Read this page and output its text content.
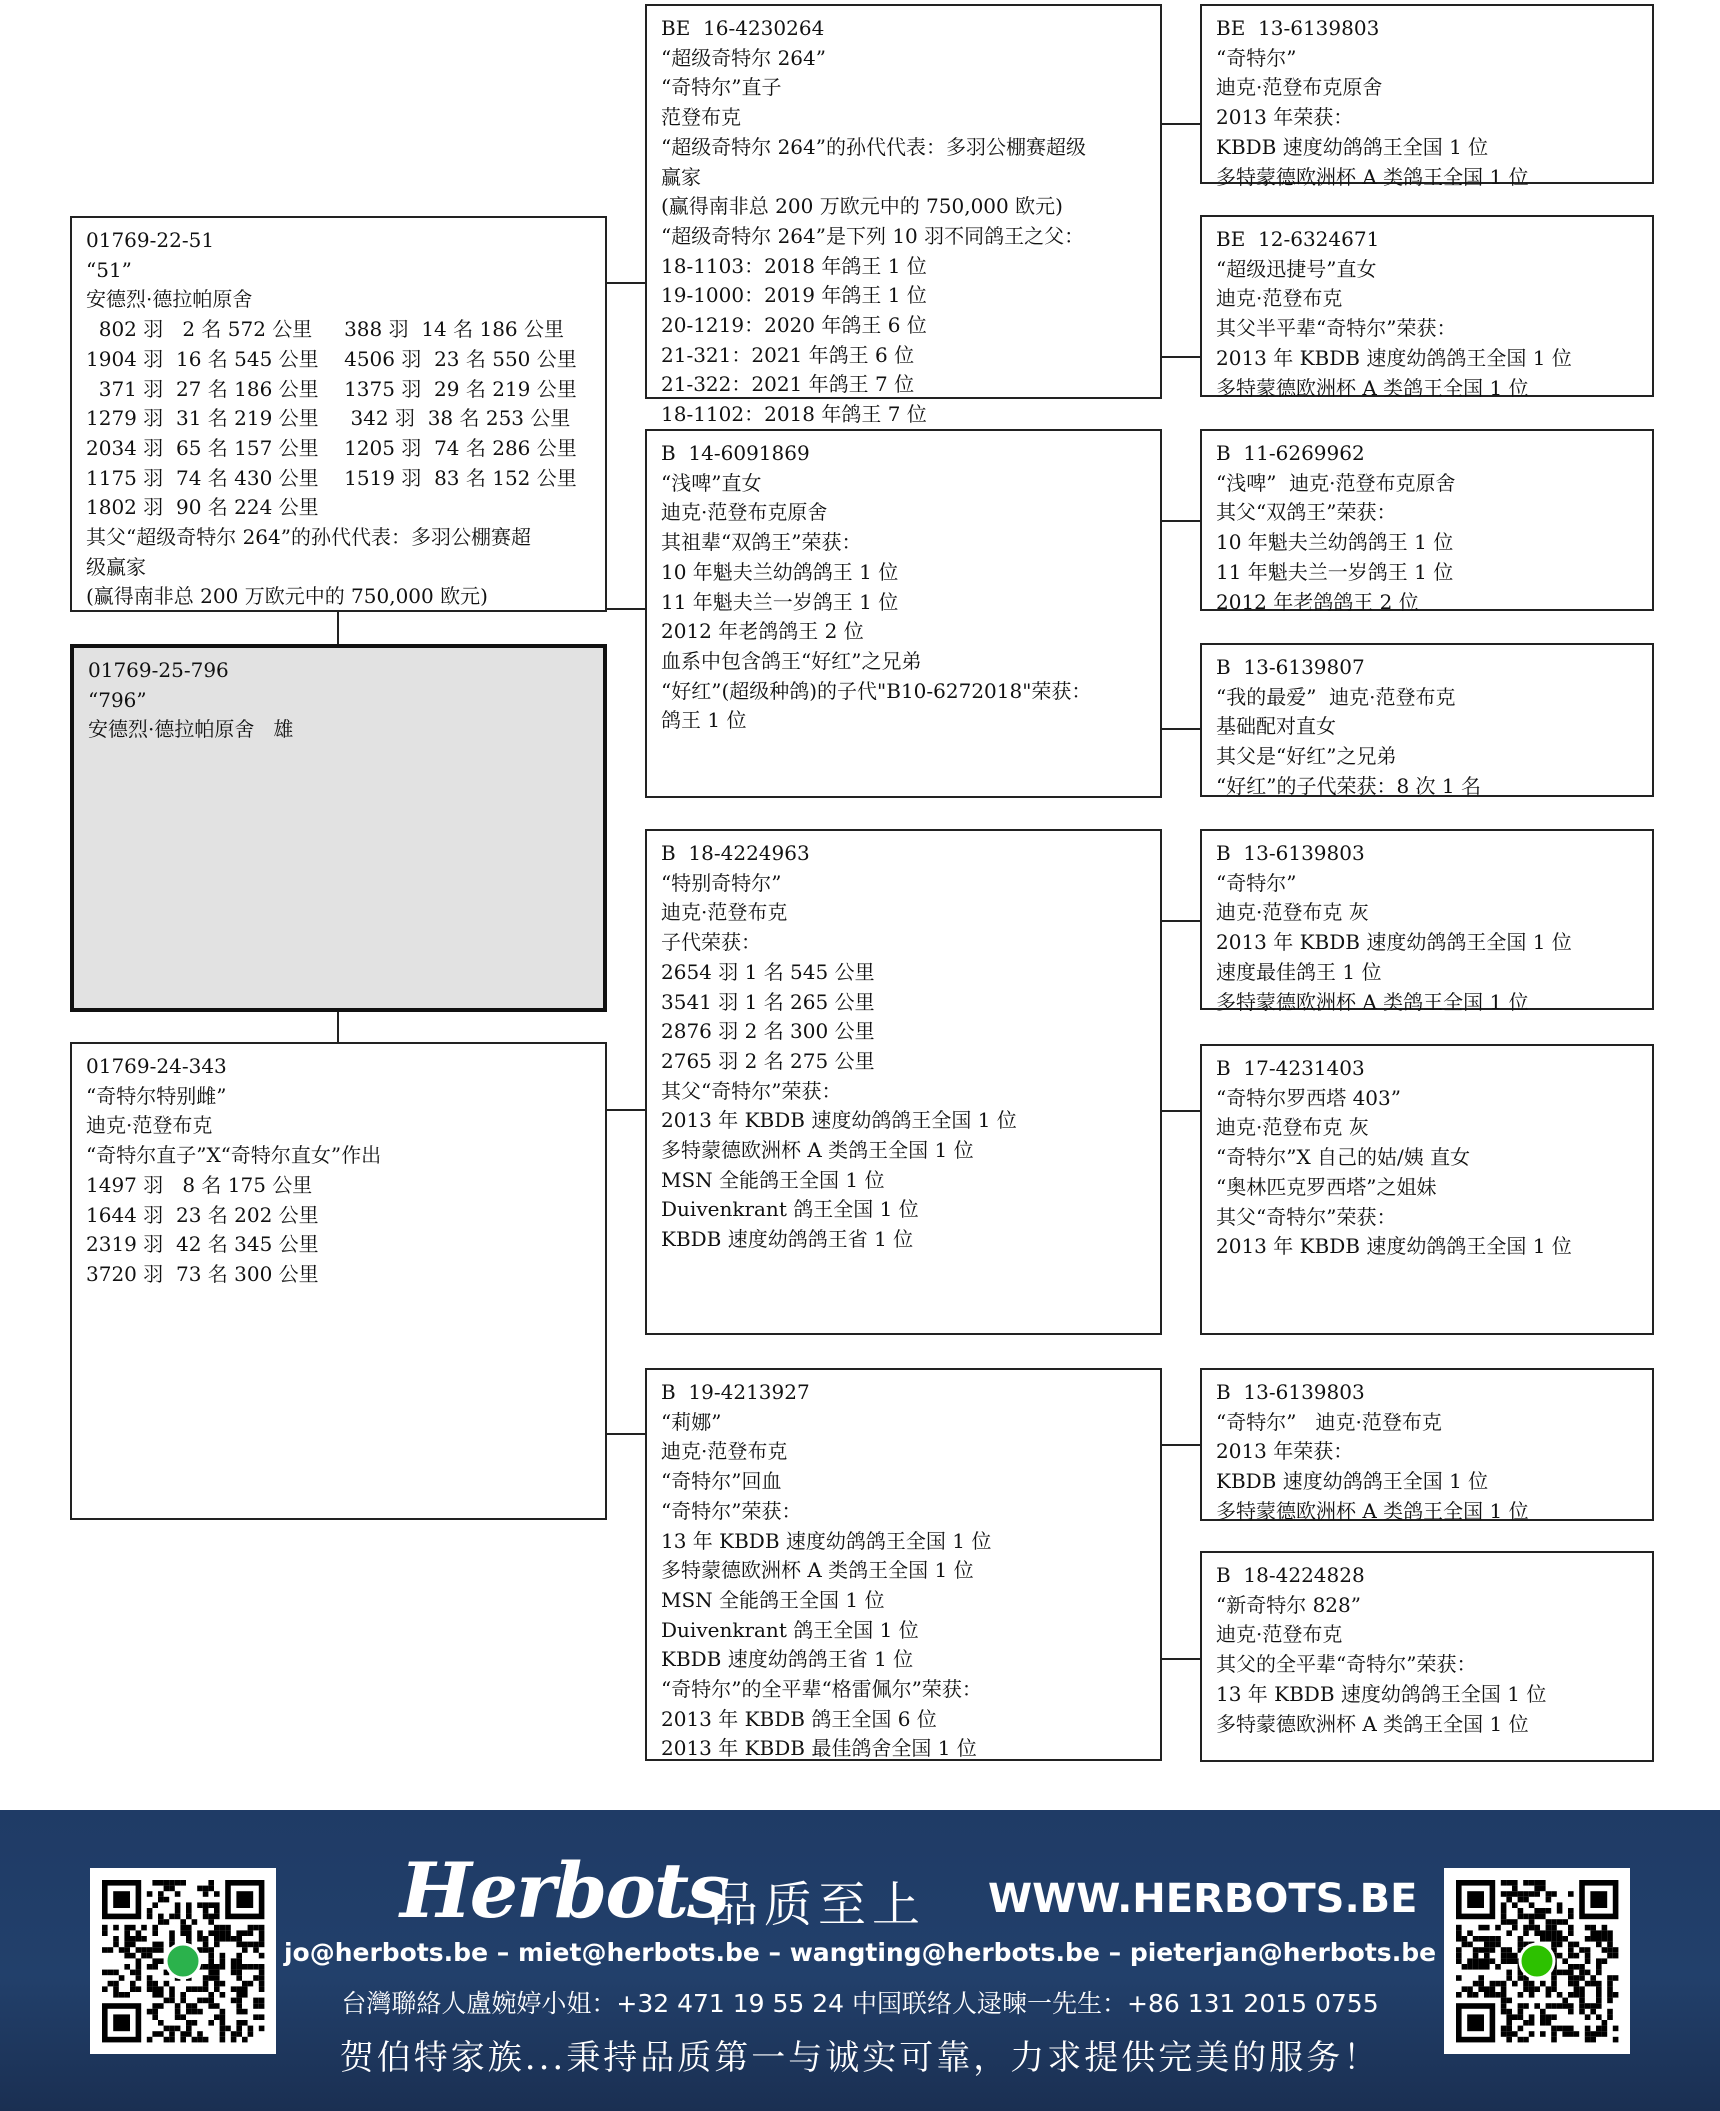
01769-22-51
“51”
安德烈·德拉帕原舍
802 羽   2 名 572 公里     388 羽  14 名 186 公里
1904 羽  16 名 545 公里    4506 羽  23 名 550 公里
371 羽  27 名 186 公里    1375 羽  29 名 219 公里
1279 羽  31 名 219 公里     342 羽  38 名 253 公里
2034 羽  65 名 157 公里    1205 羽  74 名 286 公里
1175 羽  74 名 430 公里    1519 羽  83 名 152 公里
1802 羽  90 名 224 公里
其父“超级奇特尔 264”的孙代代表：多羽公棚赛超
级赢家
(赢得南非总 200 万欧元中的 750,000 欧元)
01769-25-796
“796”
安德烈·德拉帕原舍   雄
01769-24-343
“奇特尔特别雌”
迪克·范登布克
“奇特尔直子”X“奇特尔直女”作出
1497 羽   8 名 175 公里
1644 羽  23 名 202 公里
2319 羽  42 名 345 公里
3720 羽  73 名 300 公里
BE  16-4230264
“超级奇特尔 264”
“奇特尔”直子
范登布克
“超级奇特尔 264”的孙代代表：多羽公棚赛超级
赢家
(赢得南非总 200 万欧元中的 750,000 欧元)
“超级奇特尔 264”是下列 10 羽不同鸽王之父：
18-1103：2018 年鸽王 1 位
19-1000：2019 年鸽王 1 位
20-1219：2020 年鸽王 6 位
21-321：2021 年鸽王 6 位
21-322：2021 年鸽王 7 位
18-1102：2018 年鸽王 7 位
B  14-6091869
“浅啤”直女
迪克·范登布克原舍
其祖辈“双鸽王”荣获：
10 年魁夫兰幼鸽鸽王 1 位
11 年魁夫兰一岁鸽王 1 位
2012 年老鸽鸽王 2 位
血系中包含鸽王“好红”之兄弟
“好红”(超级种鸽)的子代"B10-6272018"荣获：
鸽王 1 位
B  18-4224963
“特别奇特尔”
迪克·范登布克
子代荣获：
2654 羽 1 名 545 公里
3541 羽 1 名 265 公里
2876 羽 2 名 300 公里
2765 羽 2 名 275 公里
其父“奇特尔”荣获：
2013 年 KBDB 速度幼鸽鸽王全国 1 位
多特蒙德欧洲杯 A 类鸽王全国 1 位
MSN 全能鸽王全国 1 位
Duivenkrant 鸽王全国 1 位
KBDB 速度幼鸽鸽王省 1 位
B  19-4213927
“莉娜”
迪克·范登布克
“奇特尔”回血
“奇特尔”荣获：
13 年 KBDB 速度幼鸽鸽王全国 1 位
多特蒙德欧洲杯 A 类鸽王全国 1 位
MSN 全能鸽王全国 1 位
Duivenkrant 鸽王全国 1 位
KBDB 速度幼鸽鸽王省 1 位
“奇特尔”的全平辈“格雷佩尔”荣获：
2013 年 KBDB 鸽王全国 6 位
2013 年 KBDB 最佳鸽舍全国 1 位
BE  13-6139803
“奇特尔”
迪克·范登布克原舍
2013 年荣获：
KBDB 速度幼鸽鸽王全国 1 位
多特蒙德欧洲杯 A 类鸽王全国 1 位
BE  12-6324671
“超级迅捷号”直女
迪克·范登布克
其父半平辈“奇特尔”荣获：
2013 年 KBDB 速度幼鸽鸽王全国 1 位
多特蒙德欧洲杯 A 类鸽王全国 1 位
B  11-6269962
“浅啤”  迪克·范登布克原舍
其父“双鸽王”荣获：
10 年魁夫兰幼鸽鸽王 1 位
11 年魁夫兰一岁鸽王 1 位
2012 年老鸽鸽王 2 位
B  13-6139807
“我的最爱”  迪克·范登布克
基础配对直女
其父是“好红”之兄弟
“好红”的子代荣获：8 次 1 名
B  13-6139803
“奇特尔”
迪克·范登布克 灰
2013 年 KBDB 速度幼鸽鸽王全国 1 位
速度最佳鸽王 1 位
多特蒙德欧洲杯 A 类鸽王全国 1 位
B  17-4231403
“奇特尔罗西塔 403”
迪克·范登布克 灰
“奇特尔”X 自己的姑/姨 直女
“奥林匹克罗西塔”之姐妹
其父“奇特尔”荣获：
2013 年 KBDB 速度幼鸽鸽王全国 1 位
B  13-6139803
“奇特尔”   迪克·范登布克
2013 年荣获：
KBDB 速度幼鸽鸽王全国 1 位
多特蒙德欧洲杯 A 类鸽王全国 1 位
B  18-4224828
“新奇特尔 828”
迪克·范登布克
其父的全平辈“奇特尔”荣获：
13 年 KBDB 速度幼鸽鸽王全国 1 位
多特蒙德欧洲杯 A 类鸽王全国 1 位
Herbots
品质至上 WWW.HERBOTS.BE
jo@herbots.be – miet@herbots.be – wangting@herbots.be – pieterjan@herbots.be
台灣聯絡人盧婉婷小姐：+32 471 19 55 24 中国联络人逯暕一先生：+86 131 2015 0755
贺伯特家族...秉持品质第一与诚实可靠，力求提供完美的服务！
